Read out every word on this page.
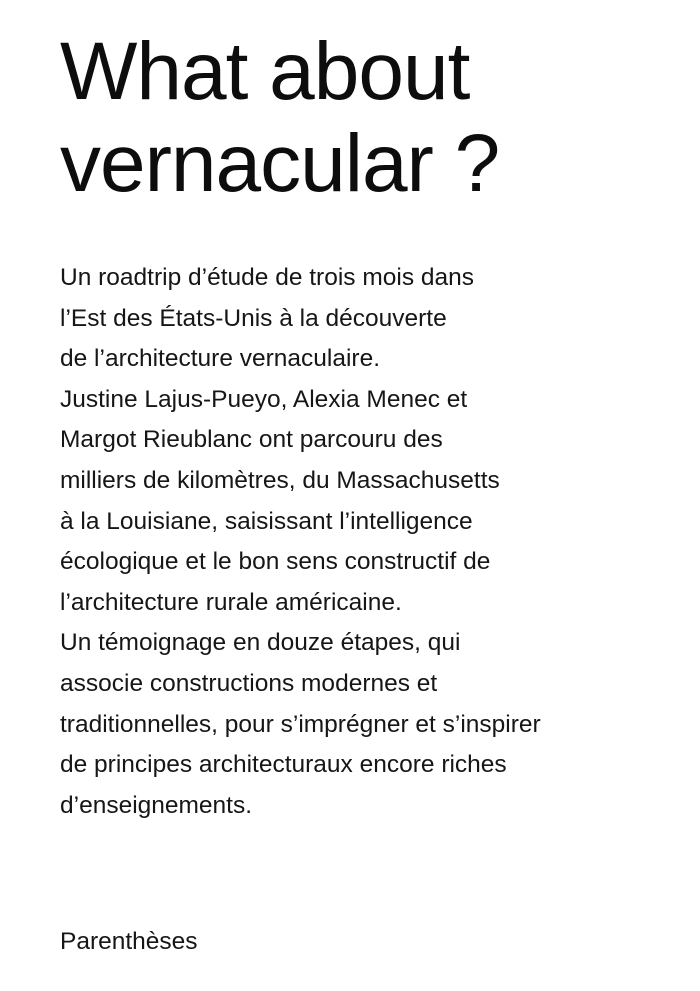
What about
vernacular ?
Un roadtrip d’étude de trois mois dans
l’Est des États-Unis à la découverte
de l’architecture vernaculaire.
Justine Lajus-Pueyo, Alexia Menec et
Margot Rieublanc ont parcouru des
milliers de kilomètres, du Massachusetts
à la Louisiane, saisissant l’intelligence
écologique et le bon sens constructif de
l’architecture rurale américaine.
Un témoignage en douze étapes, qui
associe constructions modernes et
traditionnelles, pour s’imprégner et s’inspirer
de principes architecturaux encore riches
d’enseignements.

Parenthèses
